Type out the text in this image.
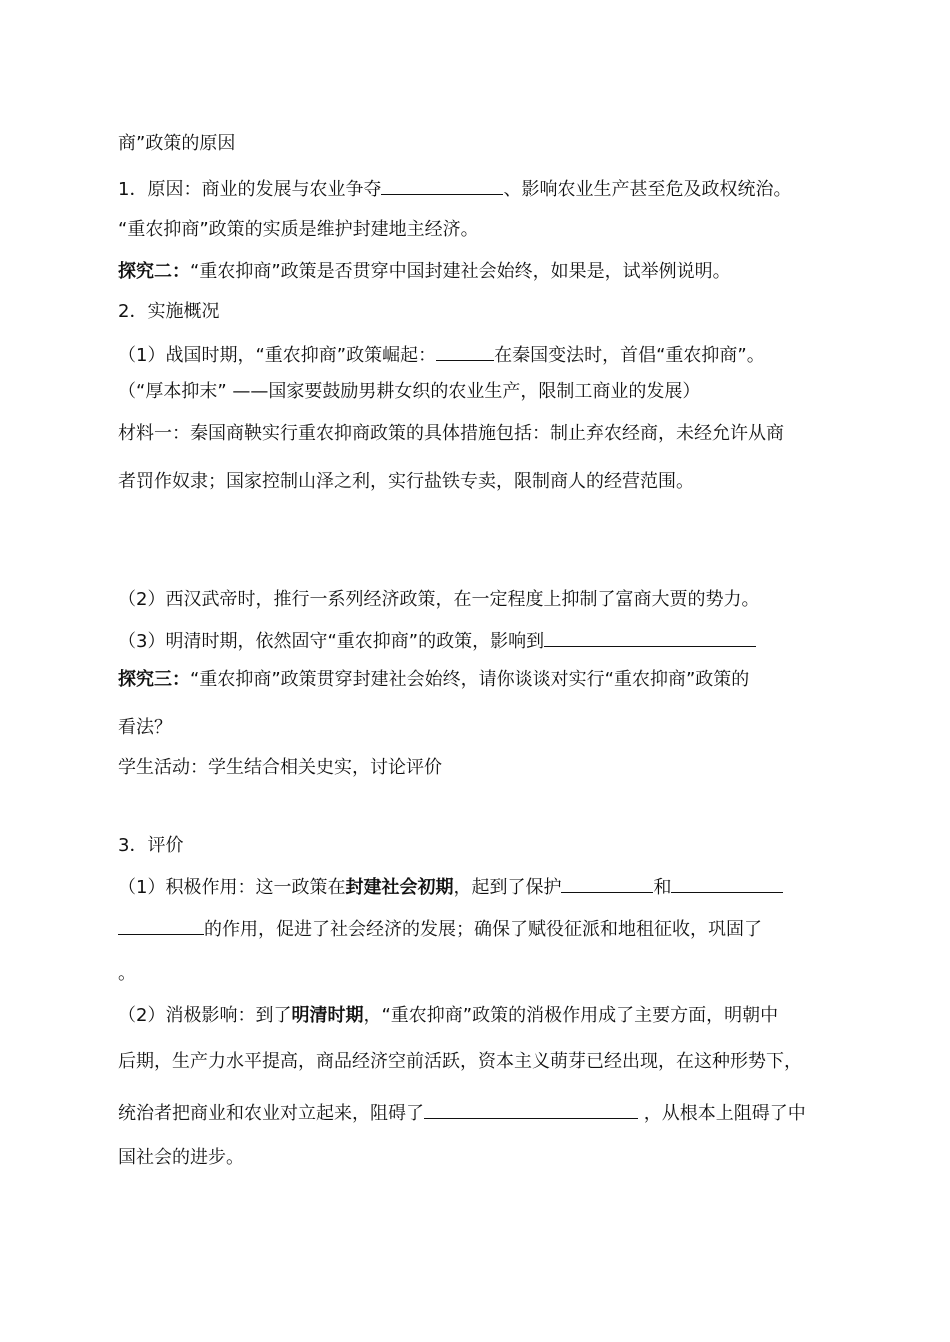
商”政策的原因
1．原因：商业的发展与农业争夺	、影响农业生产甚至危及政权统治。
“重农抑商”政策的实质是维护封建地主经济。
探究二：“重农抑商”政策是否贯穿中国封建社会始终，如果是，试举例说明。
2．实施概况
（1）战国时期，“重农抑商”政策崛起：	在秦国变法时，首倡“重农抑商”。
（“厚本抑末” ——国家要鼓励男耕女织的农业生产，限制工商业的发展）
材料一：秦国商鞅实行重农抑商政策的具体措施包括：制止弃农经商，未经允许从商
者罚作奴隶；国家控制山泽之利，实行盐铁专卖，限制商人的经营范围。
（2）西汉武帝时，推行一系列经济政策，在一定程度上抑制了富商大贾的势力。
（3）明清时期，依然固守“重农抑商”的政策，影响到
探究三：“重农抑商”政策贯穿封建社会始终，请你谈谈对实行“重农抑商”政策的
看法？
学生活动：学生结合相关史实，讨论评价
3．评价
（1）积极作用：这一政策在封建社会初期，起到了保护	和
的作用，促进了社会经济的发展；确保了赋役征派和地租征收，巩固了
。
（2）消极影响：到了明清时期，“重农抑商”政策的消极作用成了主要方面，明朝中
后期，生产力水平提高，商品经济空前活跃，资本主义萌芽已经出现，在这种形势下，
统治者把商业和农业对立起来，阻碍了	，从根本上阻碍了中
国社会的进步。
